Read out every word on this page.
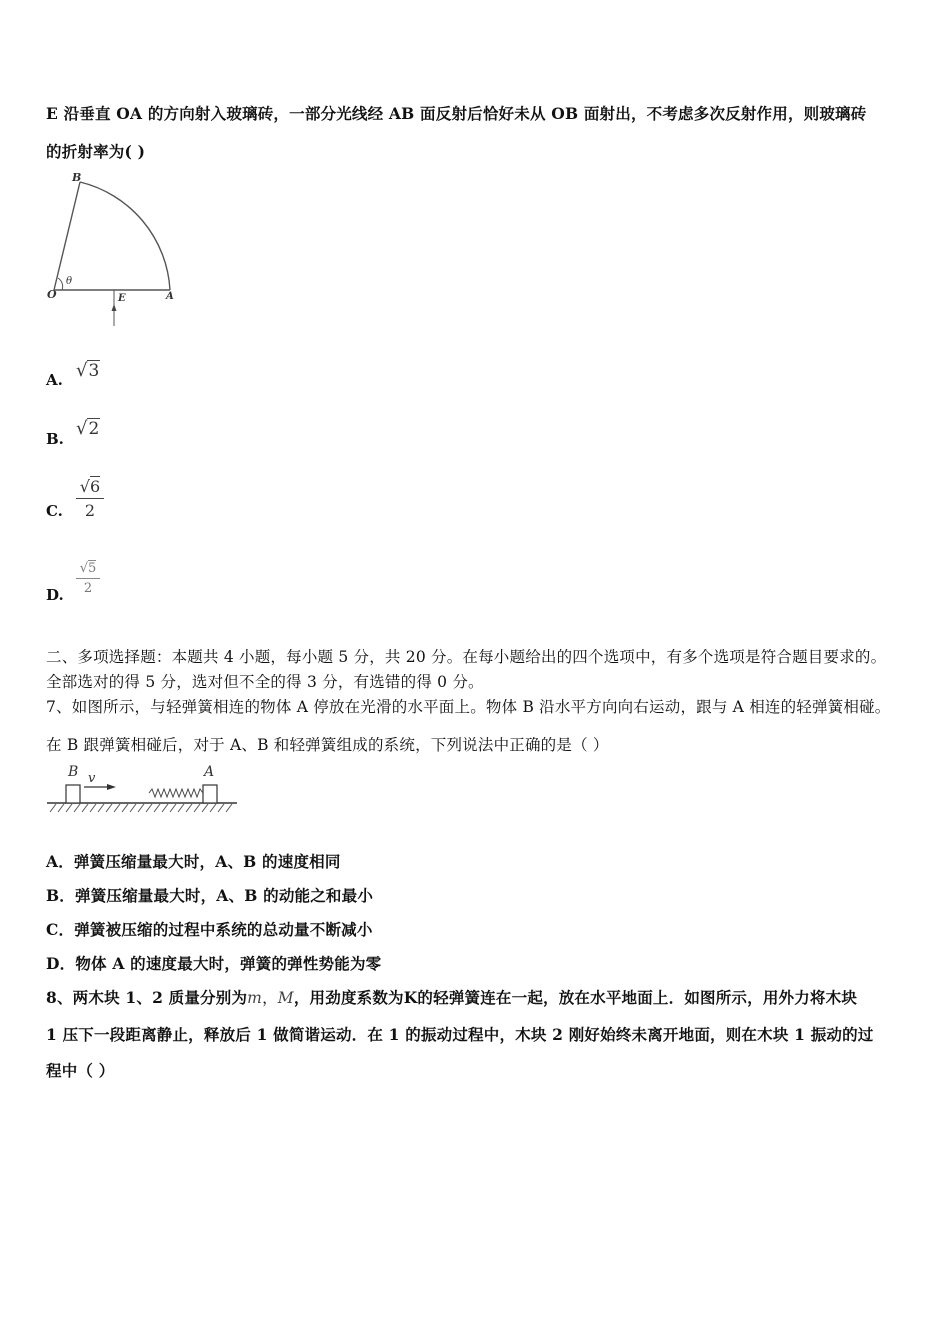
E 沿垂直 OA 的方向射入玻璃砖，一部分光线经 AB 面反射后恰好未从 OB 面射出，不考虑多次反射作用，则玻璃砖
的折射率为( )
B
O
θ
E	A
A. √3
B. √2
C.
√6
2
D.
√5
2
二、多项选择题：本题共 4 小题，每小题 5 分，共 20 分。在每小题给出的四个选项中，有多个选项是符合题目要求的。
全部选对的得 5 分，选对但不全的得 3 分，有选错的得 0 分。
7、如图所示，与轻弹簧相连的物体 A 停放在光滑的水平面上。物体 B 沿水平方向向右运动，跟与 A 相连的轻弹簧相碰。
在 B 跟弹簧相碰后，对于 A、B 和轻弹簧组成的系统，下列说法中正确的是（ ）
B v	A
A．弹簧压缩量最大时，A、B 的速度相同
B．弹簧压缩量最大时，A、B 的动能之和最小
C．弹簧被压缩的过程中系统的总动量不断减小
D．物体 A 的速度最大时，弹簧的弹性势能为零
8、两木块 1、2 质量分别为m，M，用劲度系数为Κ的轻弹簧连在一起，放在水平地面上．如图所示，用外力将木块
1 压下一段距离静止，释放后 1 做简谐运动．在 1 的振动过程中，木块 2 刚好始终未离开地面，则在木块 1 振动的过
程中（ ）
